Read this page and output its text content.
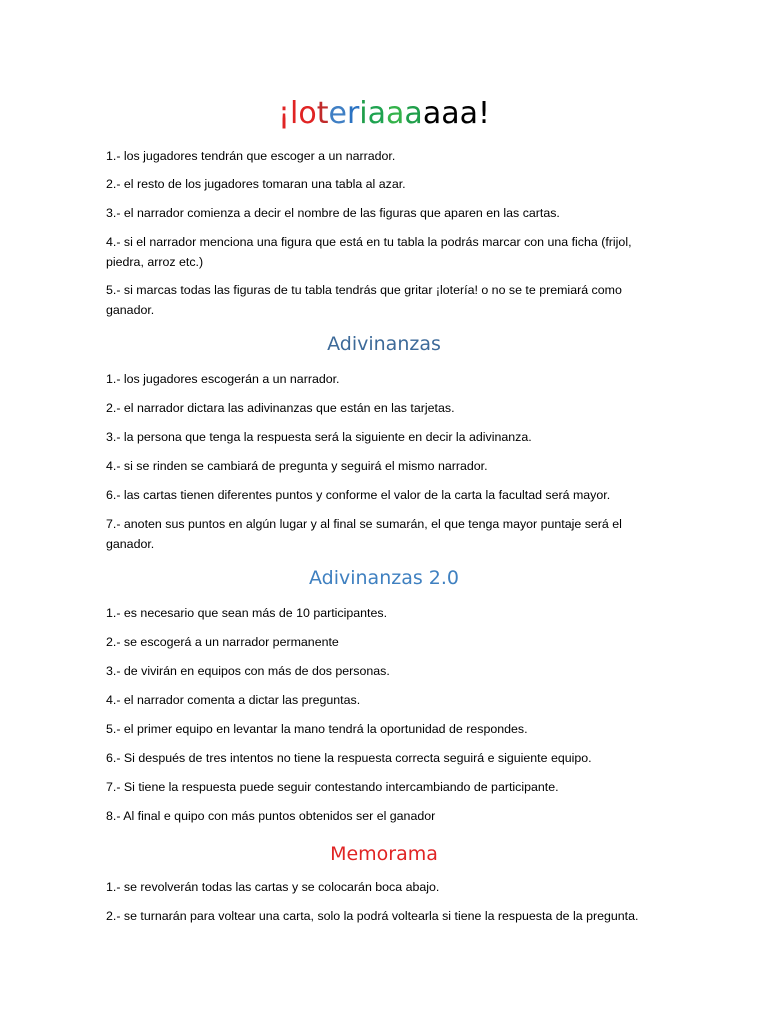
¡loteriaaaaaa!
1.- los jugadores tendrán que escoger a un narrador.
2.- el resto de los jugadores tomaran una tabla al azar.
3.- el narrador comienza a decir el nombre de las figuras que aparen en las cartas.
4.- si el narrador menciona una figura que está en tu tabla la podrás marcar con una ficha (frijol, piedra, arroz etc.)
5.- si marcas todas las figuras de tu tabla tendrás que gritar ¡lotería! o no se te premiará como ganador.
Adivinanzas
1.- los jugadores escogerán a un narrador.
2.- el narrador dictara las adivinanzas que están en las tarjetas.
3.- la persona que tenga la respuesta será la siguiente en decir la adivinanza.
4.- si se rinden se cambiará de pregunta y seguirá el mismo narrador.
6.- las cartas tienen diferentes puntos y conforme el valor de la carta la facultad será mayor.
7.- anoten sus puntos en algún lugar y al final se sumarán, el que tenga mayor puntaje será el ganador.
Adivinanzas 2.0
1.- es necesario que sean más de 10 participantes.
2.- se escogerá a un narrador permanente
3.- de vivirán en equipos con más de dos personas.
4.- el narrador comenta a dictar las preguntas.
5.- el primer equipo en levantar la mano tendrá la oportunidad de respondes.
6.- Si después de tres intentos no tiene la respuesta correcta seguirá e siguiente equipo.
7.- Si tiene la respuesta puede seguir contestando intercambiando de participante.
8.- Al final e quipo con más puntos obtenidos ser el ganador
Memorama
1.- se revolverán todas las cartas y se colocarán boca abajo.
2.- se turnarán para voltear una carta, solo la podrá voltearla si tiene la respuesta de la pregunta.
